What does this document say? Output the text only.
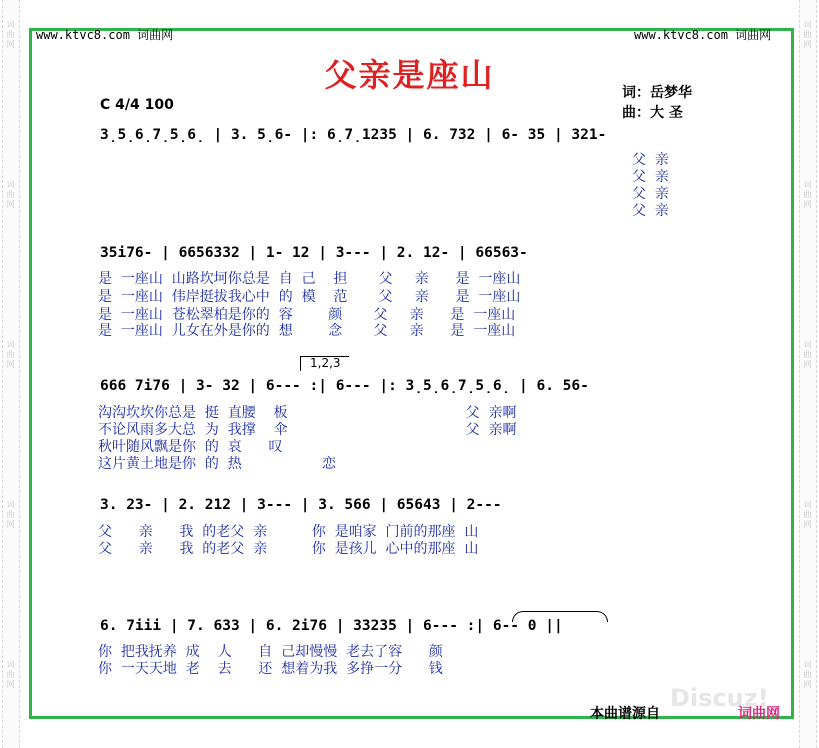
词曲网
词曲网
词曲网
词曲网
词曲网
词曲网
词曲网
词曲网
词曲网
词曲网
www.ktvc8.com 词曲网	www.ktvc8.com 词曲网
父亲是座山
C 4/4 100
词：岳梦华
曲：大 圣
3̣5̣6̣7̣5̣6̣ | 3. 5̣6- |: 6̣7̣1235 | 6. 732 | 6- 35 | 321-
父  亲
父  亲
父  亲
父  亲
35i76- | 6656332 | 1- 12 | 3--- | 2. 12- | 66563-
是  一座山  山路坎坷你总是  自  己    担       父     亲      是  一座山
是  一座山  伟岸挺拔我心中  的  模    范       父     亲      是  一座山
是  一座山  苍松翠柏是你的  容        颜       父     亲      是  一座山
是  一座山  儿女在外是你的  想        念       父     亲      是  一座山
1,2,3
666 7i76 | 3- 32 | 6--- :| 6--- |: 3̣5̣6̣7̣5̣6̣ | 6. 56-
沟沟坎坎你总是  挺  直腰    板                                        父  亲啊
不论风雨多大总  为  我撑    伞                                        父  亲啊
秋叶随风飘是你  的  哀      叹
这片黄土地是你  的  热                  恋
3. 23- | 2. 212 | 3--- | 3. 566 | 65643 | 2---
父      亲      我  的老父  亲          你  是咱家  门前的那座  山
父      亲      我  的老父  亲          你  是孩儿  心中的那座  山
6. 7iii | 7. 633 | 6. 2i76 | 33235 | 6--- :| 6-- 0 ||
你  把我抚养  成    人      自  己却慢慢  老去了容      颜
你  一天天地  老    去      还  想着为我  多挣一分      钱
Discuz!
本曲谱源自	词曲网
